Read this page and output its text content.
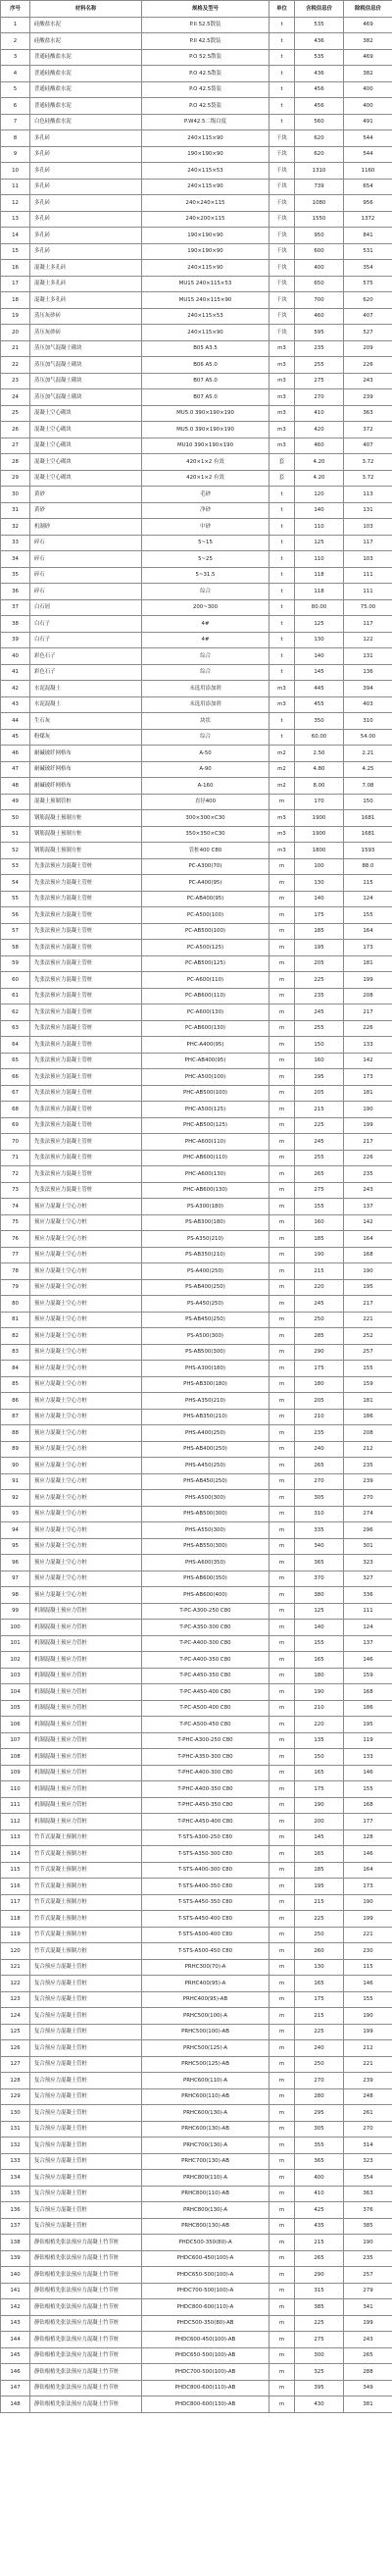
序号	材料名称	规格及型号	单位	含税信息价	除税信息价
1	硅酸盐水泥	P.II 52.5散装	t	535	469
2	硅酸盐水泥	P.II 42.5散装	t	436	382
3	普通硅酸盐水泥	P.O 52.5散装	t	535	469
4	普通硅酸盐水泥	P.O 42.5散装	t	436	382
5	普通硅酸盐水泥	P.O 42.5袋装	t	456	400
6	普通硅酸盐水泥	P.O 42.5袋装	t	456	400
7	白色硅酸盐水泥	P.W42.5二级白度	t	560	491
8	多孔砖	240×115×90	千块	620	544
9	多孔砖	190×190×90	千块	620	544
10	多孔砖	240×115×53	千块	1310	1160
11	多孔砖	240×115×90	千块	739	654
12	多孔砖	240×240×115	千块	1080	956
13	多孔砖	240×200×115	千块	1550	1372
14	多孔砖	190×190×90	千块	950	841
15	多孔砖	190×190×90	千块	600	531
16	混凝土多孔砖	240×115×90	千块	400	354
17	混凝土多孔砖	MU15 240×115×53	千块	650	575
18	混凝土多孔砖	MU15 240×115×90	千块	700	620
19	蒸压灰砂砖	240×115×53	千块	460	407
20	蒸压灰砂砖	240×115×90	千块	595	527
21	蒸压加气混凝土砌块	B05 A3.5	m3	235	209
22	蒸压加气混凝土砌块	B06 A5.0	m3	255	226
23	蒸压加气混凝土砌块	B07 A5.0	m3	275	243
24	蒸压加气混凝土砌块	B07 A5.0	m3	270	239
25	混凝土空心砌块	MU5.0 390×190×190	m3	410	363
26	混凝土空心砌块	MU5.0 390×190×190	m3	420	372
27	混凝土空心砌块	MU10 390×190×190	m3	460	407
28	混凝土空心砌块	420×1×2 有效	套	4.20	3.72
29	混凝土空心砌块	420×1×2 有效	套	4.20	3.72
30	黄砂	毛砂	t	120	113
31	黄砂	净砂	t	140	131
32	机制砂	中砂	t	110	103
33	碎石	5~15	t	125	117
34	碎石	5~25	t	110	103
35	碎石	5~31.5	t	118	111
36	碎石	综合	t	118	111
37	白石屑	200~300	t	80.00	75.00
38	白石子	4#	t	125	117
39	白石子	4#	t	130	122
40	彩色石子	综合	t	140	131
41	彩色石子	综合	t	145	136
42	水泥混凝土	未选用添加剂	m3	445	394
43	水泥混凝土	未选用添加剂	m3	455	403
44	生石灰	块状	t	350	310
45	粉煤灰	综合	t	60.00	54.00
46	耐碱玻纤网格布	A-50	m2	2.50	2.21
47	耐碱玻纤网格布	A-90	m2	4.80	4.25
48	耐碱玻纤网格布	A-160	m2	8.00	7.08
49	混凝土预制管桩	直径400	m	170	150
50	钢筋混凝土预制方桩	300×300×C30	m3	1900	1681
51	钢筋混凝土预制方桩	350×350×C30	m3	1900	1681
52	钢筋混凝土预制方桩	管桩400 C80	m3	1800	1593
53	先张法预应力混凝土管桩	PC-A300(70)	m	100	88.0
54	先张法预应力混凝土管桩	PC-A400(95)	m	130	115
55	先张法预应力混凝土管桩	PC-AB400(95)	m	140	124
56	先张法预应力混凝土管桩	PC-A500(100)	m	175	155
57	先张法预应力混凝土管桩	PC-AB500(100)	m	185	164
58	先张法预应力混凝土管桩	PC-A500(125)	m	195	173
59	先张法预应力混凝土管桩	PC-AB500(125)	m	205	181
60	先张法预应力混凝土管桩	PC-A600(110)	m	225	199
61	先张法预应力混凝土管桩	PC-AB600(110)	m	235	208
62	先张法预应力混凝土管桩	PC-A600(130)	m	245	217
63	先张法预应力混凝土管桩	PC-AB600(130)	m	255	226
64	先张法预应力混凝土管桩	PHC-A400(95)	m	150	133
65	先张法预应力混凝土管桩	PHC-AB400(95)	m	160	142
66	先张法预应力混凝土管桩	PHC-A500(100)	m	195	173
67	先张法预应力混凝土管桩	PHC-AB500(100)	m	205	181
68	先张法预应力混凝土管桩	PHC-A500(125)	m	215	190
69	先张法预应力混凝土管桩	PHC-AB500(125)	m	225	199
70	先张法预应力混凝土管桩	PHC-A600(110)	m	245	217
71	先张法预应力混凝土管桩	PHC-AB600(110)	m	255	226
72	先张法预应力混凝土管桩	PHC-A600(130)	m	265	235
73	先张法预应力混凝土管桩	PHC-AB600(130)	m	275	243
74	预应力混凝土空心方桩	PS-A300(180)	m	155	137
75	预应力混凝土空心方桩	PS-AB300(180)	m	160	142
76	预应力混凝土空心方桩	PS-A350(210)	m	185	164
77	预应力混凝土空心方桩	PS-AB350(210)	m	190	168
78	预应力混凝土空心方桩	PS-A400(250)	m	215	190
79	预应力混凝土空心方桩	PS-AB400(250)	m	220	195
80	预应力混凝土空心方桩	PS-A450(250)	m	245	217
81	预应力混凝土空心方桩	PS-AB450(250)	m	250	221
82	预应力混凝土空心方桩	PS-A500(300)	m	285	252
83	预应力混凝土空心方桩	PS-AB500(300)	m	290	257
84	预应力混凝土空心方桩	PHS-A300(180)	m	175	155
85	预应力混凝土空心方桩	PHS-AB300(180)	m	180	159
86	预应力混凝土空心方桩	PHS-A350(210)	m	205	181
87	预应力混凝土空心方桩	PHS-AB350(210)	m	210	186
88	预应力混凝土空心方桩	PHS-A400(250)	m	235	208
89	预应力混凝土空心方桩	PHS-AB400(250)	m	240	212
90	预应力混凝土空心方桩	PHS-A450(250)	m	265	235
91	预应力混凝土空心方桩	PHS-AB450(250)	m	270	239
92	预应力混凝土空心方桩	PHS-A500(300)	m	305	270
93	预应力混凝土空心方桩	PHS-AB500(300)	m	310	274
94	预应力混凝土空心方桩	PHS-A550(300)	m	335	296
95	预应力混凝土空心方桩	PHS-AB550(300)	m	340	301
96	预应力混凝土空心方桩	PHS-A600(350)	m	365	323
97	预应力混凝土空心方桩	PHS-AB600(350)	m	370	327
98	预应力混凝土空心方桩	PHS-AB600(400)	m	380	336
99	机制混凝土预应力管桩	T-PC-A300-250 C80	m	125	111
100	机制混凝土预应力管桩	T-PC-A350-300 C80	m	140	124
101	机制混凝土预应力管桩	T-PC-A400-300 C80	m	155	137
102	机制混凝土预应力管桩	T-PC-A400-350 C80	m	165	146
103	机制混凝土预应力管桩	T-PC-A450-350 C80	m	180	159
104	机制混凝土预应力管桩	T-PC-A450-400 C80	m	190	168
105	机制混凝土预应力管桩	T-PC-A500-400 C80	m	210	186
106	机制混凝土预应力管桩	T-PC-A500-450 C80	m	220	195
107	机制混凝土预应力管桩	T-PHC-A300-250 C80	m	135	119
108	机制混凝土预应力管桩	T-PHC-A350-300 C80	m	150	133
109	机制混凝土预应力管桩	T-PHC-A400-300 C80	m	165	146
110	机制混凝土预应力管桩	T-PHC-A400-350 C80	m	175	155
111	机制混凝土预应力管桩	T-PHC-A450-350 C80	m	190	168
112	机制混凝土预应力管桩	T-PHC-A450-400 C80	m	200	177
113	竹节式混凝土预制方桩	T-STS-A300-250 C80	m	145	128
114	竹节式混凝土预制方桩	T-STS-A350-300 C80	m	165	146
115	竹节式混凝土预制方桩	T-STS-A400-300 C80	m	185	164
116	竹节式混凝土预制方桩	T-STS-A400-350 C80	m	195	173
117	竹节式混凝土预制方桩	T-STS-A450-350 C80	m	215	190
118	竹节式混凝土预制方桩	T-STS-A450-400 C80	m	225	199
119	竹节式混凝土预制方桩	T-STS-A500-400 C80	m	250	221
120	竹节式混凝土预制方桩	T-STS-A500-450 C80	m	260	230
121	复合预应力混凝土管桩	PRHC300(70)-A	m	130	115
122	复合预应力混凝土管桩	PRHC400(95)-A	m	165	146
123	复合预应力混凝土管桩	PRHC400(95)-AB	m	175	155
124	复合预应力混凝土管桩	PRHC500(100)-A	m	215	190
125	复合预应力混凝土管桩	PRHC500(100)-AB	m	225	199
126	复合预应力混凝土管桩	PRHC500(125)-A	m	240	212
127	复合预应力混凝土管桩	PRHC500(125)-AB	m	250	221
128	复合预应力混凝土管桩	PRHC600(110)-A	m	270	239
129	复合预应力混凝土管桩	PRHC600(110)-AB	m	280	248
130	复合预应力混凝土管桩	PRHC600(130)-A	m	295	261
131	复合预应力混凝土管桩	PRHC600(130)-AB	m	305	270
132	复合预应力混凝土管桩	PRHC700(130)-A	m	355	314
133	复合预应力混凝土管桩	PRHC700(130)-AB	m	365	323
134	复合预应力混凝土管桩	PRHC800(110)-A	m	400	354
135	复合预应力混凝土管桩	PRHC800(110)-AB	m	410	363
136	复合预应力混凝土管桩	PRHC800(130)-A	m	425	376
137	复合预应力混凝土管桩	PRHC800(130)-AB	m	435	385
138	静钻根植先张法预应力混凝土竹节桩	PHDC500-350(80)-A	m	215	190
139	静钻根植先张法预应力混凝土竹节桩	PHDC600-450(100)-A	m	265	235
140	静钻根植先张法预应力混凝土竹节桩	PHDC650-500(100)-A	m	290	257
141	静钻根植先张法预应力混凝土竹节桩	PHDC700-500(100)-A	m	315	279
142	静钻根植先张法预应力混凝土竹节桩	PHDC800-600(110)-A	m	385	341
143	静钻根植先张法预应力混凝土竹节桩	PHDC500-350(80)-AB	m	225	199
144	静钻根植先张法预应力混凝土竹节桩	PHDC600-450(100)-AB	m	275	243
145	静钻根植先张法预应力混凝土竹节桩	PHDC650-500(100)-AB	m	300	265
146	静钻根植先张法预应力混凝土竹节桩	PHDC700-500(100)-AB	m	325	288
147	静钻根植先张法预应力混凝土竹节桩	PHDC800-600(110)-AB	m	395	349
148	静钻根植先张法预应力混凝土竹节桩	PHDC800-600(130)-AB	m	430	381
